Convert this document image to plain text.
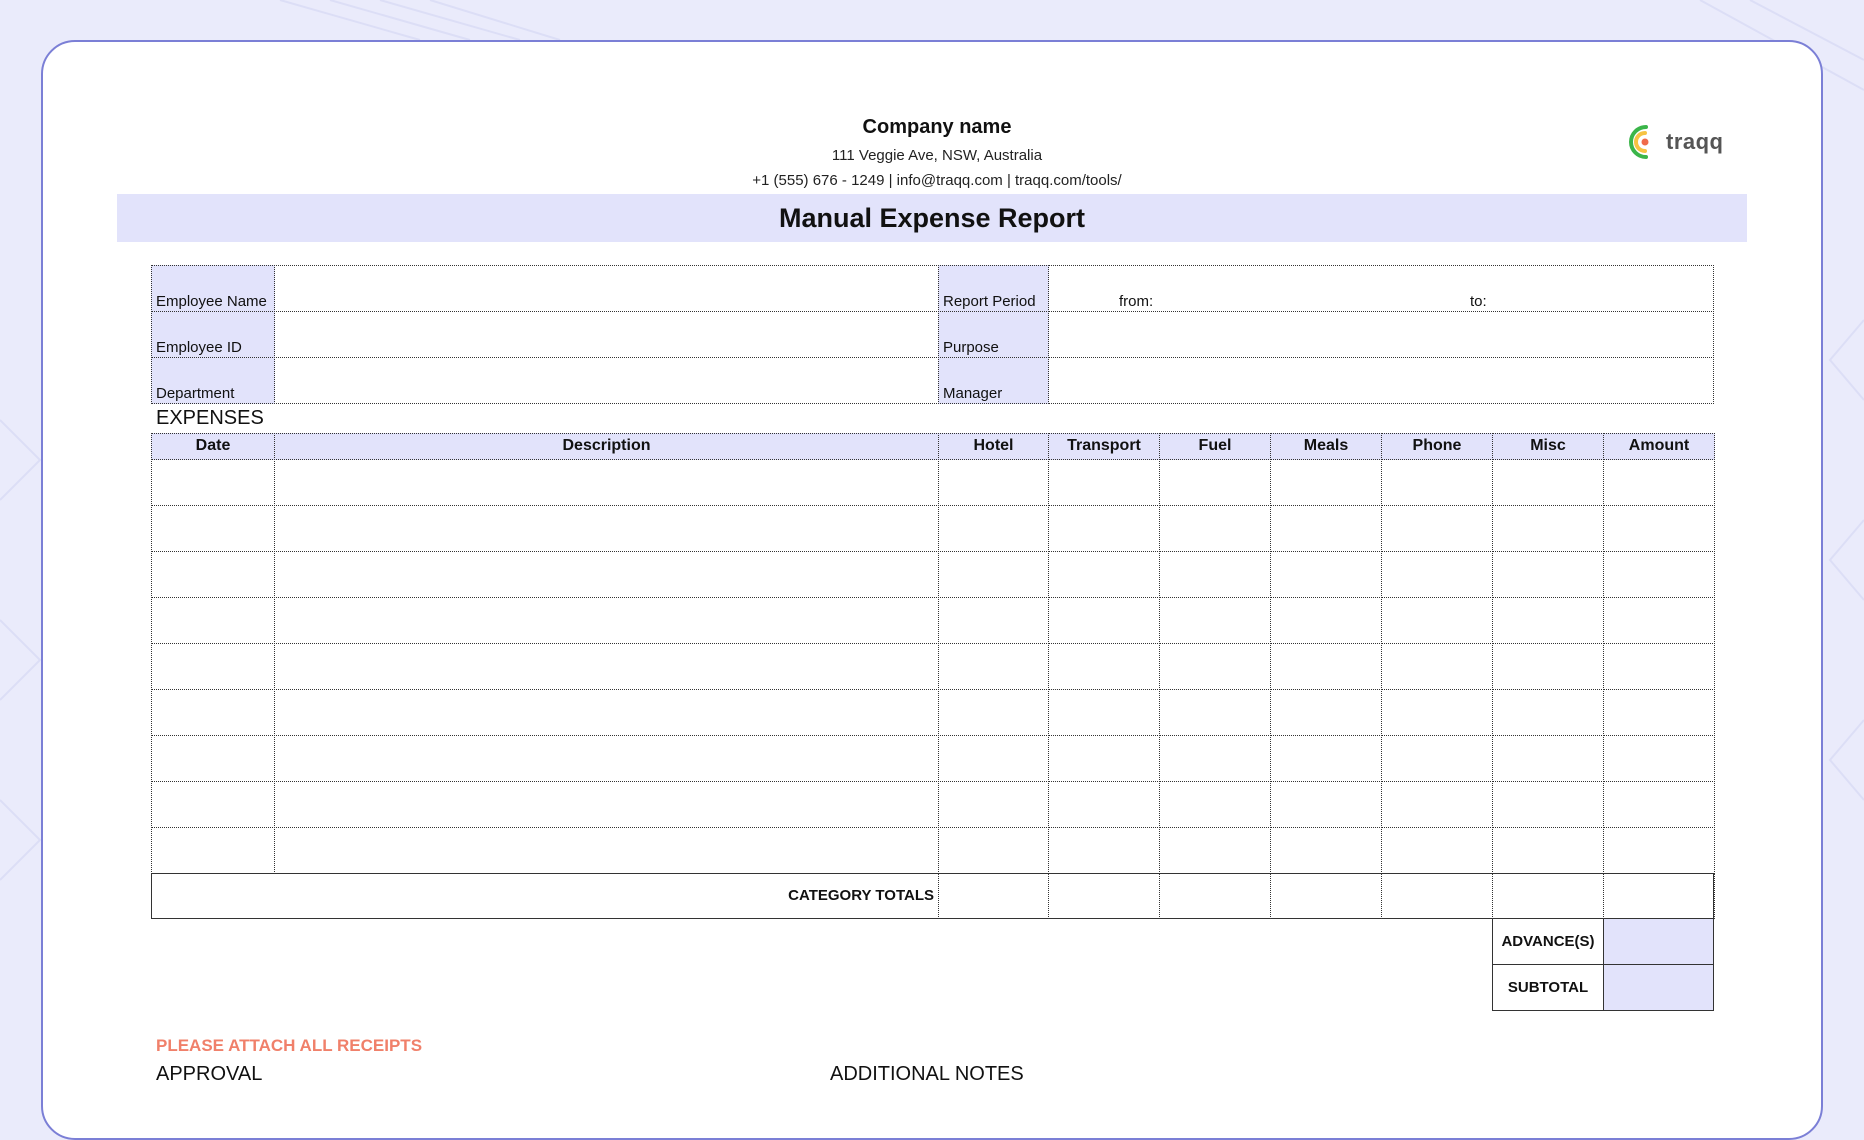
Company name
111 Veggie Ave, NSW, Australia
+1 (555) 676 - 1249 | info@traqq.com | traqq.com/tools/
traqq
Manual Expense Report
Employee Name	Report Period	from:	to:
Employee ID	Purpose
Department	Manager
EXPENSES
Date	Description	Hotel	Transport	Fuel	Meals	Phone	Misc	Amount
CATEGORY TOTALS
ADVANCE(S)
SUBTOTAL
PLEASE ATTACH ALL RECEIPTS
APPROVAL	ADDITIONAL NOTES
